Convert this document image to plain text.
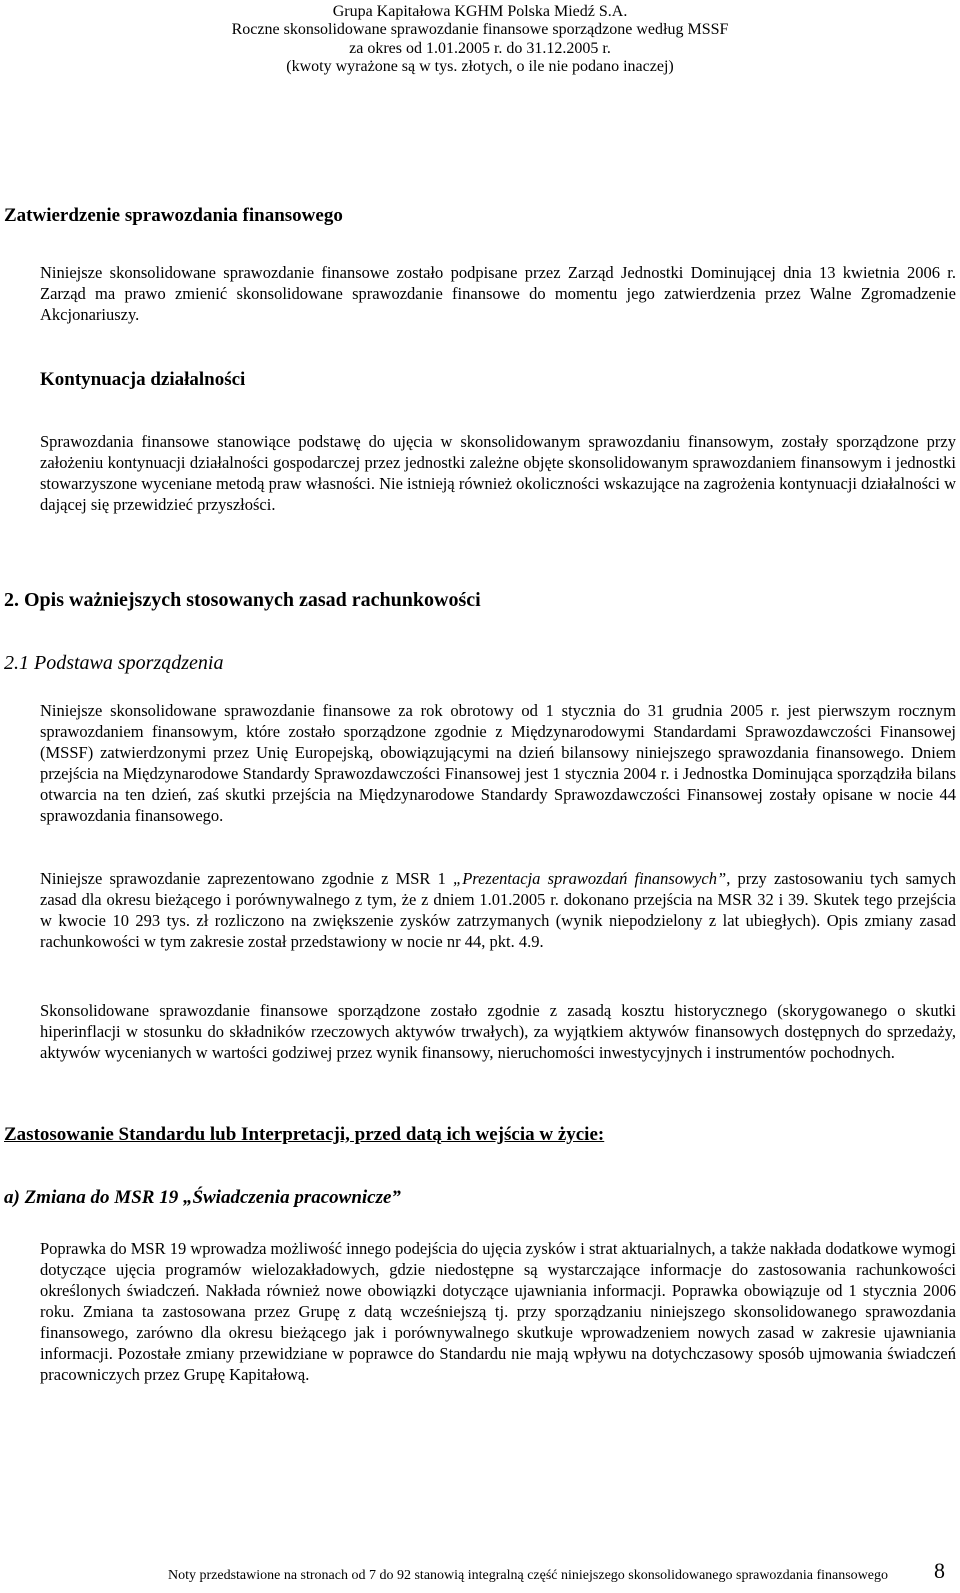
Grupa Kapitałowa KGHM Polska Miedź S.A.
Roczne skonsolidowane sprawozdanie finansowe sporządzone według MSSF
za okres od 1.01.2005 r. do 31.12.2005 r.
(kwoty wyrażone są w tys. złotych, o ile nie podano inaczej)
Zatwierdzenie sprawozdania finansowego
Niniejsze skonsolidowane sprawozdanie finansowe zostało podpisane przez Zarząd Jednostki Dominującej dnia 13 kwietnia 2006 r. Zarząd ma prawo zmienić skonsolidowane sprawozdanie finansowe do momentu jego zatwierdzenia przez Walne Zgromadzenie Akcjonariuszy.
Kontynuacja działalności
Sprawozdania finansowe stanowiące podstawę do ujęcia w skonsolidowanym sprawozdaniu finansowym, zostały sporządzone przy założeniu kontynuacji działalności gospodarczej przez jednostki zależne objęte skonsolidowanym sprawozdaniem finansowym i jednostki stowarzyszone wyceniane metodą praw własności. Nie istnieją również okoliczności wskazujące na zagrożenia kontynuacji działalności w dającej się przewidzieć przyszłości.
2. Opis ważniejszych stosowanych zasad rachunkowości
2.1 Podstawa sporządzenia
Niniejsze skonsolidowane sprawozdanie finansowe za rok obrotowy od 1 stycznia do 31 grudnia 2005 r. jest pierwszym rocznym sprawozdaniem finansowym, które zostało sporządzone zgodnie z Międzynarodowymi Standardami Sprawozdawczości Finansowej (MSSF) zatwierdzonymi przez Unię Europejską, obowiązującymi na dzień bilansowy niniejszego sprawozdania finansowego. Dniem przejścia na Międzynarodowe Standardy Sprawozdawczości Finansowej jest 1 stycznia 2004 r. i Jednostka Dominująca sporządziła bilans otwarcia na ten dzień, zaś skutki przejścia na Międzynarodowe Standardy Sprawozdawczości Finansowej zostały opisane w nocie 44 sprawozdania finansowego.
Niniejsze sprawozdanie zaprezentowano zgodnie z MSR 1 „Prezentacja sprawozdań finansowych”, przy zastosowaniu tych samych zasad dla okresu bieżącego i porównywalnego z tym, że z dniem 1.01.2005 r. dokonano przejścia na MSR 32 i 39. Skutek tego przejścia w kwocie 10 293 tys. zł rozliczono na zwiększenie zysków zatrzymanych (wynik niepodzielony z lat ubiegłych). Opis zmiany zasad rachunkowości w tym zakresie został przedstawiony w nocie nr 44, pkt. 4.9.
Skonsolidowane sprawozdanie finansowe sporządzone zostało zgodnie z zasadą kosztu historycznego (skorygowanego o skutki hiperinflacji w stosunku do składników rzeczowych aktywów trwałych), za wyjątkiem aktywów finansowych dostępnych do sprzedaży, aktywów wycenianych w wartości godziwej przez wynik finansowy, nieruchomości inwestycyjnych i instrumentów pochodnych.
Zastosowanie Standardu lub Interpretacji, przed datą ich wejścia w życie:
a) Zmiana do MSR 19 „Świadczenia pracownicze”
Poprawka do MSR 19 wprowadza możliwość innego podejścia do ujęcia zysków i strat aktuarialnych, a także nakłada dodatkowe wymogi dotyczące ujęcia programów wielozakładowych, gdzie niedostępne są wystarczające informacje do zastosowania rachunkowości określonych świadczeń. Nakłada również nowe obowiązki dotyczące ujawniania informacji. Poprawka obowiązuje od 1 stycznia 2006 roku. Zmiana ta zastosowana przez Grupę z datą wcześniejszą tj. przy sporządzaniu niniejszego skonsolidowanego sprawozdania finansowego, zarówno dla okresu bieżącego jak i porównywalnego skutkuje wprowadzeniem nowych zasad w zakresie ujawniania informacji. Pozostałe zmiany przewidziane w poprawce do Standardu nie mają wpływu na dotychczasowy sposób ujmowania świadczeń pracowniczych przez Grupę Kapitałową.
Noty przedstawione na stronach od 7 do 92 stanowią integralną część niniejszego skonsolidowanego sprawozdania finansowego 8
